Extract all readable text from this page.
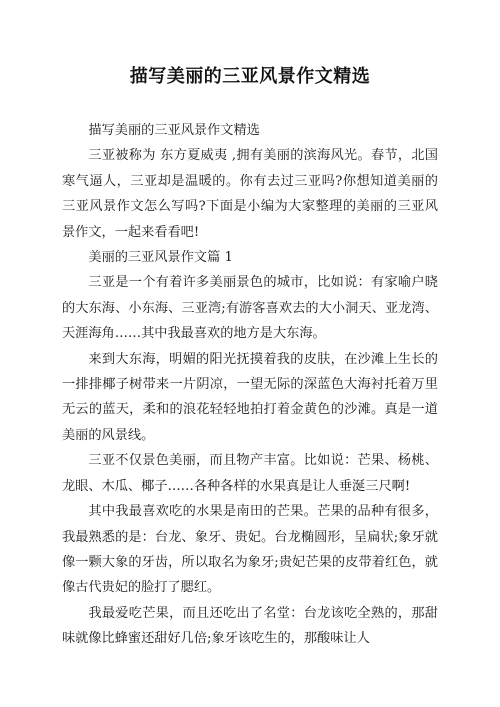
描写美丽的三亚风景作文精选

描写美丽的三亚风景作文精选

三亚被称为 东方夏威夷 ,拥有美丽的滨海风光。春节，北国寒气逼人，三亚却是温暖的。你有去过三亚吗?你想知道美丽的三亚风景作文怎么写吗?下面是小编为大家整理的美丽的三亚风景作文，一起来看看吧!

美丽的三亚风景作文篇 1

三亚是一个有着许多美丽景色的城市，比如说：有家喻户晓的大东海、小东海、三亚湾;有游客喜欢去的大小洞天、亚龙湾、天涯海角……其中我最喜欢的地方是大东海。

来到大东海，明媚的阳光抚摸着我的皮肤，在沙滩上生长的一排排椰子树带来一片阴凉，一望无际的深蓝色大海衬托着万里无云的蓝天，柔和的浪花轻轻地拍打着金黄色的沙滩。真是一道美丽的风景线。

三亚不仅景色美丽，而且物产丰富。比如说：芒果、杨桃、龙眼、木瓜、椰子……各种各样的水果真是让人垂涎三尺啊!

其中我最喜欢吃的水果是南田的芒果。芒果的品种有很多，我最熟悉的是：台龙、象牙、贵妃。台龙椭圆形，呈扁状;象牙就像一颗大象的牙齿，所以取名为象牙;贵妃芒果的皮带着红色，就像古代贵妃的脸打了腮红。

我最爱吃芒果，而且还吃出了名堂：台龙该吃全熟的，那甜味就像比蜂蜜还甜好几倍;象牙该吃生的，那酸味让人
